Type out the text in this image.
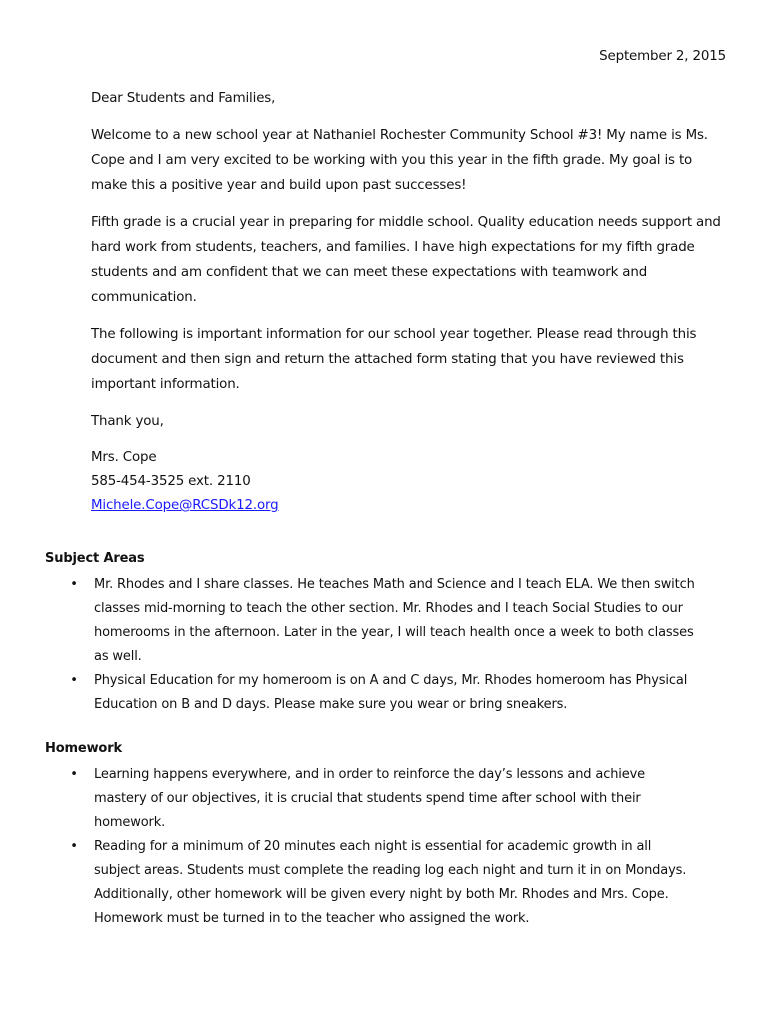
September 2, 2015

Dear Students and Families,

Welcome to a new school year at Nathaniel Rochester Community School #3! My name is Ms. Cope and I am very excited to be working with you this year in the fifth grade. My goal is to make this a positive year and build upon past successes!

Fifth grade is a crucial year in preparing for middle school. Quality education needs support and hard work from students, teachers, and families. I have high expectations for my fifth grade students and am confident that we can meet these expectations with teamwork and communication.

The following is important information for our school year together. Please read through this document and then sign and return the attached form stating that you have reviewed this important information.

Thank you,

Mrs. Cope
585-454-3525 ext. 2110
Michele.Cope@RCSDk12.org
Subject Areas
• Mr. Rhodes and I share classes. He teaches Math and Science and I teach ELA. We then switch classes mid-morning to teach the other section. Mr. Rhodes and I teach Social Studies to our homerooms in the afternoon. Later in the year, I will teach health once a week to both classes as well.
• Physical Education for my homeroom is on A and C days, Mr. Rhodes homeroom has Physical Education on B and D days. Please make sure you wear or bring sneakers.
Homework
• Learning happens everywhere, and in order to reinforce the day’s lessons and achieve mastery of our objectives, it is crucial that students spend time after school with their homework.
• Reading for a minimum of 20 minutes each night is essential for academic growth in all subject areas. Students must complete the reading log each night and turn it in on Mondays. Additionally, other homework will be given every night by both Mr. Rhodes and Mrs. Cope. Homework must be turned in to the teacher who assigned the work.
